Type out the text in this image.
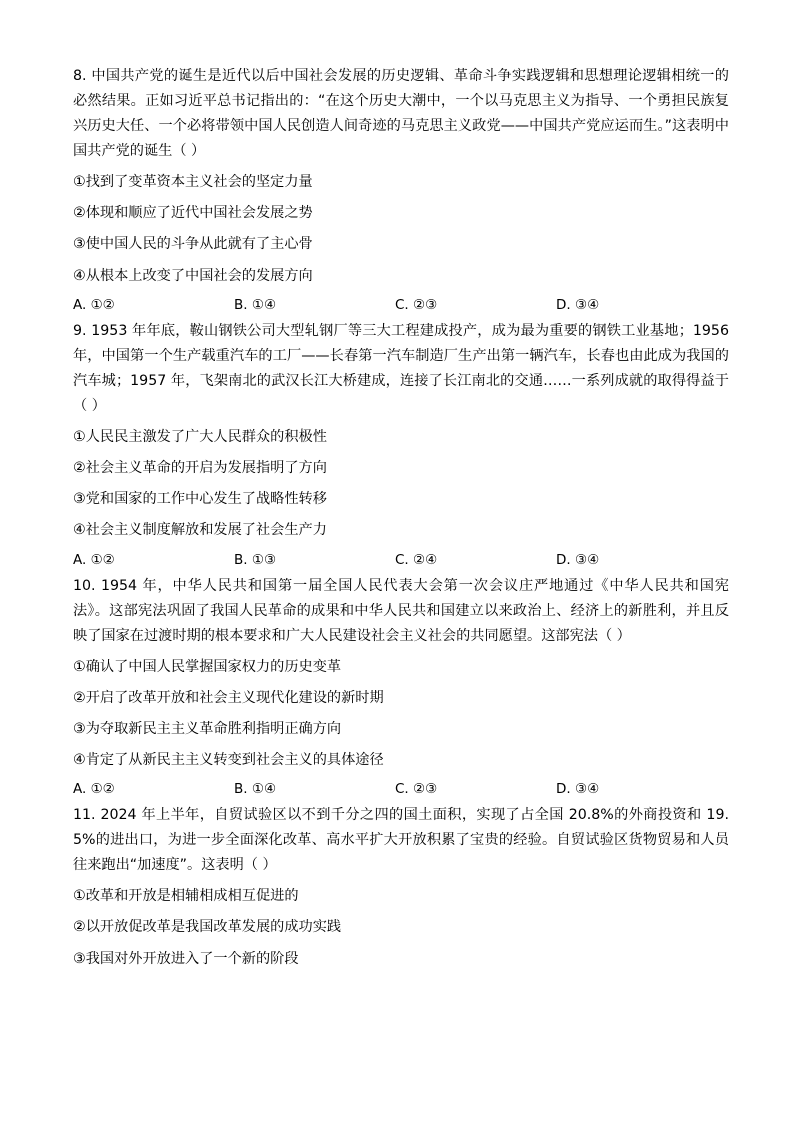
8. 中国共产党的诞生是近代以后中国社会发展的历史逻辑、革命斗争实践逻辑和思想理论逻辑相统一的必然结果。正如习近平总书记指出的：“在这个历史大潮中，一个以马克思主义为指导、一个勇担民族复兴历史大任、一个必将带领中国人民创造人间奇迹的马克思主义政党——中国共产党应运而生。”这表明中国共产党的诞生（ ）

①找到了变革资本主义社会的坚定力量
②体现和顺应了近代中国社会发展之势
③使中国人民的斗争从此就有了主心骨
④从根本上改变了中国社会的发展方向
A. ①②	B. ①④	C. ②③	D. ③④

9. 1953 年年底，鞍山钢铁公司大型轧钢厂等三大工程建成投产，成为最为重要的钢铁工业基地；1956 年，中国第一个生产载重汽车的工厂——长春第一汽车制造厂生产出第一辆汽车，长春也由此成为我国的汽车城；1957 年，飞架南北的武汉长江大桥建成，连接了长江南北的交通……一系列成就的取得得益于（ ）

①人民民主激发了广大人民群众的积极性
②社会主义革命的开启为发展指明了方向
③党和国家的工作中心发生了战略性转移
④社会主义制度解放和发展了社会生产力
A. ①②	B. ①③	C. ②④	D. ③④

10. 1954 年，中华人民共和国第一届全国人民代表大会第一次会议庄严地通过《中华人民共和国宪法》。这部宪法巩固了我国人民革命的成果和中华人民共和国建立以来政治上、经济上的新胜利，并且反映了国家在过渡时期的根本要求和广大人民建设社会主义社会的共同愿望。这部宪法（ ）

①确认了中国人民掌握国家权力的历史变革
②开启了改革开放和社会主义现代化建设的新时期
③为夺取新民主主义革命胜利指明正确方向
④肯定了从新民主主义转变到社会主义的具体途径
A. ①②	B. ①④	C. ②③	D. ③④

11. 2024 年上半年，自贸试验区以不到千分之四的国土面积，实现了占全国 20.8%的外商投资和 19.5%的进出口，为进一步全面深化改革、高水平扩大开放积累了宝贵的经验。自贸试验区货物贸易和人员往来跑出“加速度”。这表明（ ）

①改革和开放是相辅相成相互促进的
②以开放促改革是我国改革发展的成功实践
③我国对外开放进入了一个新的阶段
